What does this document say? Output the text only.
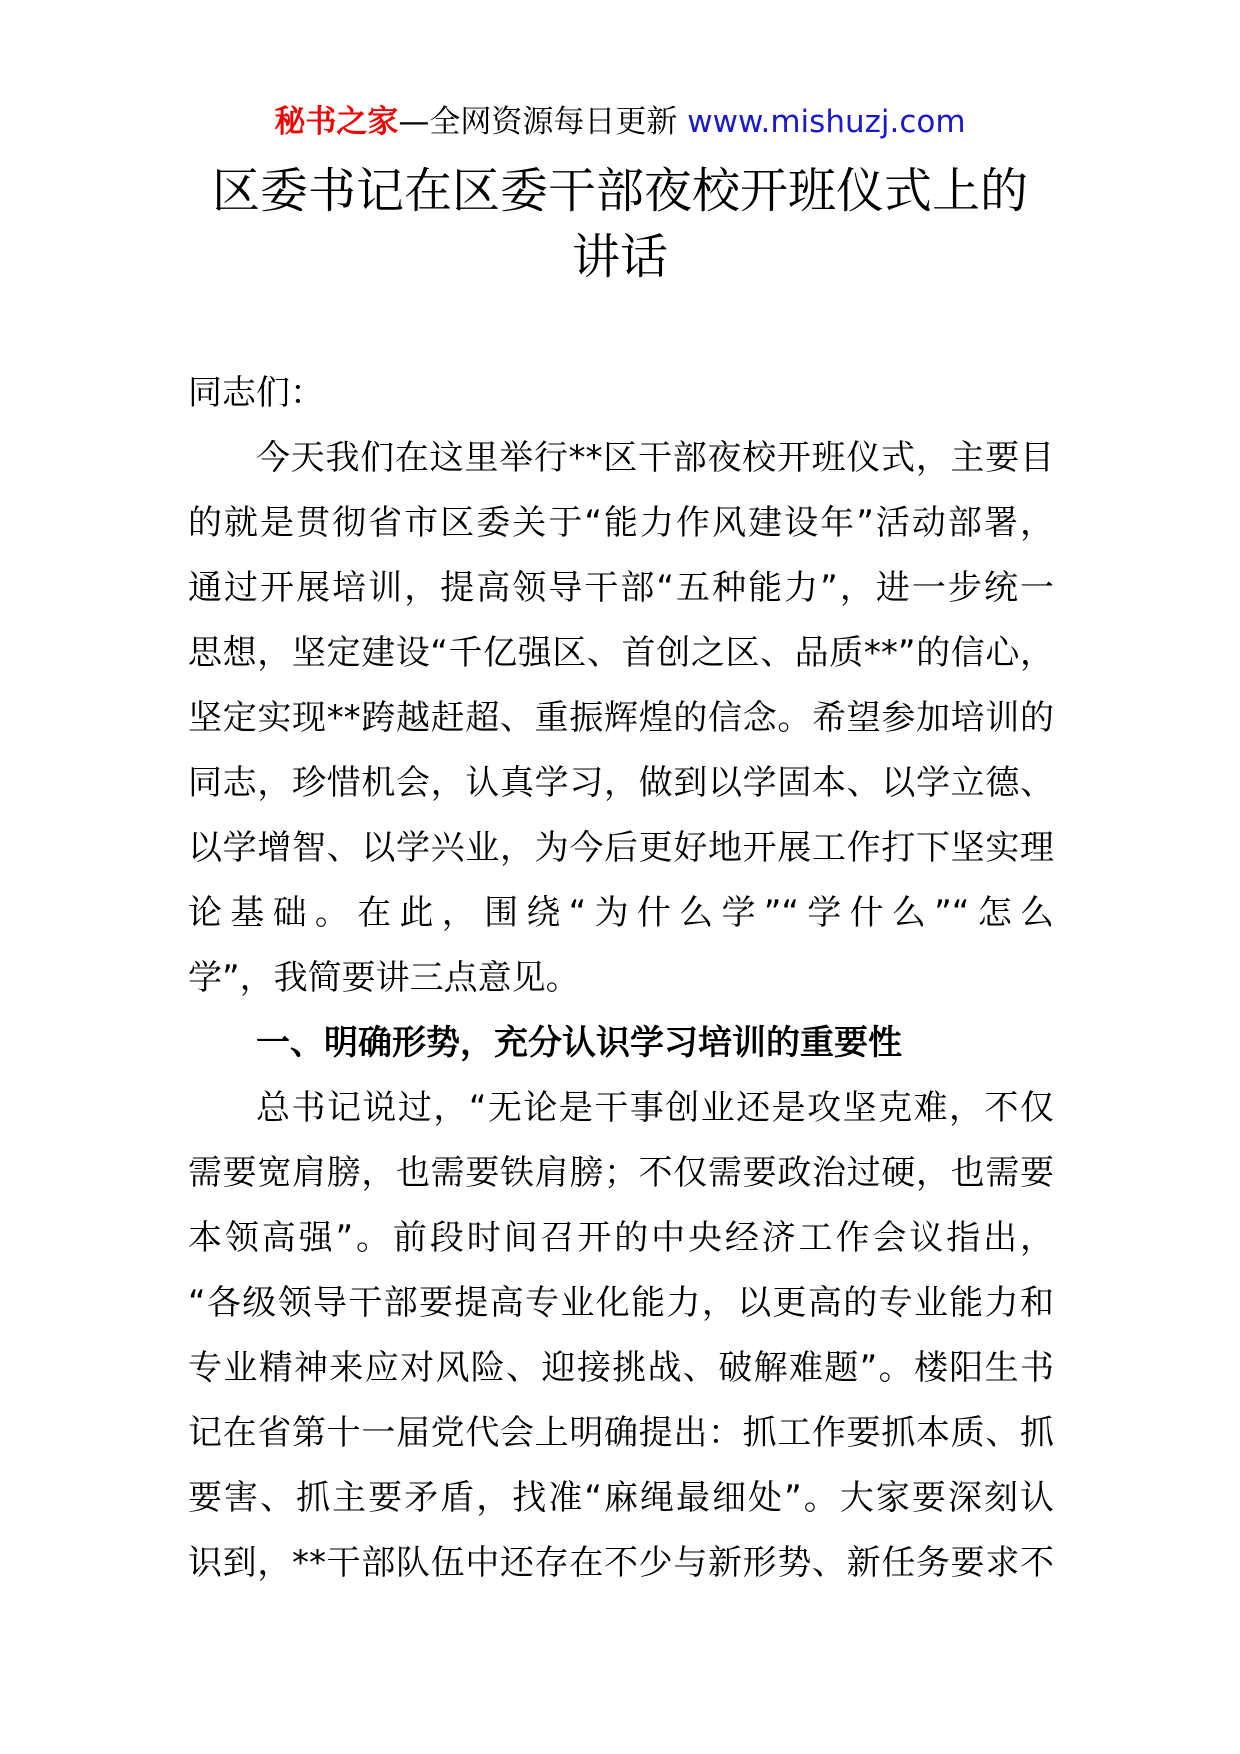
秘书之家—全网资源每日更新 www.mishuzj.com
区委书记在区委干部夜校开班仪式上的
讲话
同志们：
今天我们在这里举行**区干部夜校开班仪式，主要目
的就是贯彻省市区委关于“能力作风建设年”活动部署，
通过开展培训，提高领导干部“五种能力”，进一步统一
思想，坚定建设“千亿强区、首创之区、品质**”的信心，
坚定实现**跨越赶超、重振辉煌的信念。希望参加培训的
同志，珍惜机会，认真学习，做到以学固本、以学立德、
以学增智、以学兴业，为今后更好地开展工作打下坚实理
论基础。在此，围绕“为什么学”“学什么”“怎么
学”，我简要讲三点意见。
一、明确形势，充分认识学习培训的重要性
总书记说过，“无论是干事创业还是攻坚克难，不仅
需要宽肩膀，也需要铁肩膀；不仅需要政治过硬，也需要
本领高强”。前段时间召开的中央经济工作会议指出，
“各级领导干部要提高专业化能力，以更高的专业能力和
专业精神来应对风险、迎接挑战、破解难题”。楼阳生书
记在省第十一届党代会上明确提出：抓工作要抓本质、抓
要害、抓主要矛盾，找准“麻绳最细处”。大家要深刻认
识到，**干部队伍中还存在不少与新形势、新任务要求不
